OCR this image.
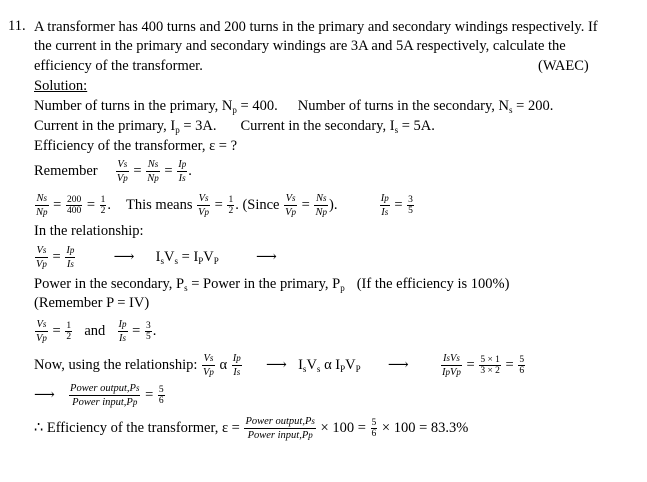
11. A transformer has 400 turns and 200 turns in the primary and secondary windings respectively. If
the current in the primary and secondary windings are 3A and 5A respectively, calculate the
efficiency of the transformer.	(WAEC)
Solution:
Number of turns in the primary, $N_p = 400$. Number of turns in the secondary, $N_s = 200$.
Current in the primary, $I_p = 3A$. Current in the secondary, $I_s = 5A$.
Efficiency of the transformer, ε = ?
Remember $\frac{Vs}{Vp} = \frac{Ns}{Np} = \frac{Ip}{Is}$ .
$\frac{Ns}{Np} = \frac{200}{400} = \frac{1}{2}$ .  This means $\frac{Vs}{Vp} = \frac{1}{2}$ . (Since $\frac{Vs}{Vp} = \frac{Ns}{Np}$ ).	$\frac{Ip}{Is} = \frac{3}{5}$
In the relationship:
$\frac{Vs}{Vp} = \frac{Ip}{Is}$	⟶ $I_sV_s = I_PV_P$	⟶
Power in the secondary, $P_s$ = Power in the primary, $P_p$ (If the efficiency is 100%)
(Remember P = IV)
$\frac{Vs}{Vp} = \frac{1}{2}$ and $\frac{Ip}{Is} = \frac{3}{5}$ .
Now, using the relationship: $\frac{Vs}{Vp}$ α $\frac{Ip}{Is}$ ⟶ $I_sV_s$ α $I_PV_P$ ⟶	$\frac{\text{IsVs}}{\text{IpVp}} = \frac{5 \times 1}{3 \times 2} = \frac{5}{6}$
⟶ $\frac{\text{Power output,Ps}}{\text{Power input,Pp}} = \frac{5}{6}$
∴ Efficiency of the transformer, $\varepsilon = \frac{\text{Power output,Ps}}{\text{Power input,Pp}} \times 100 = \frac{5}{6} \times 100 = 83.3\%$
